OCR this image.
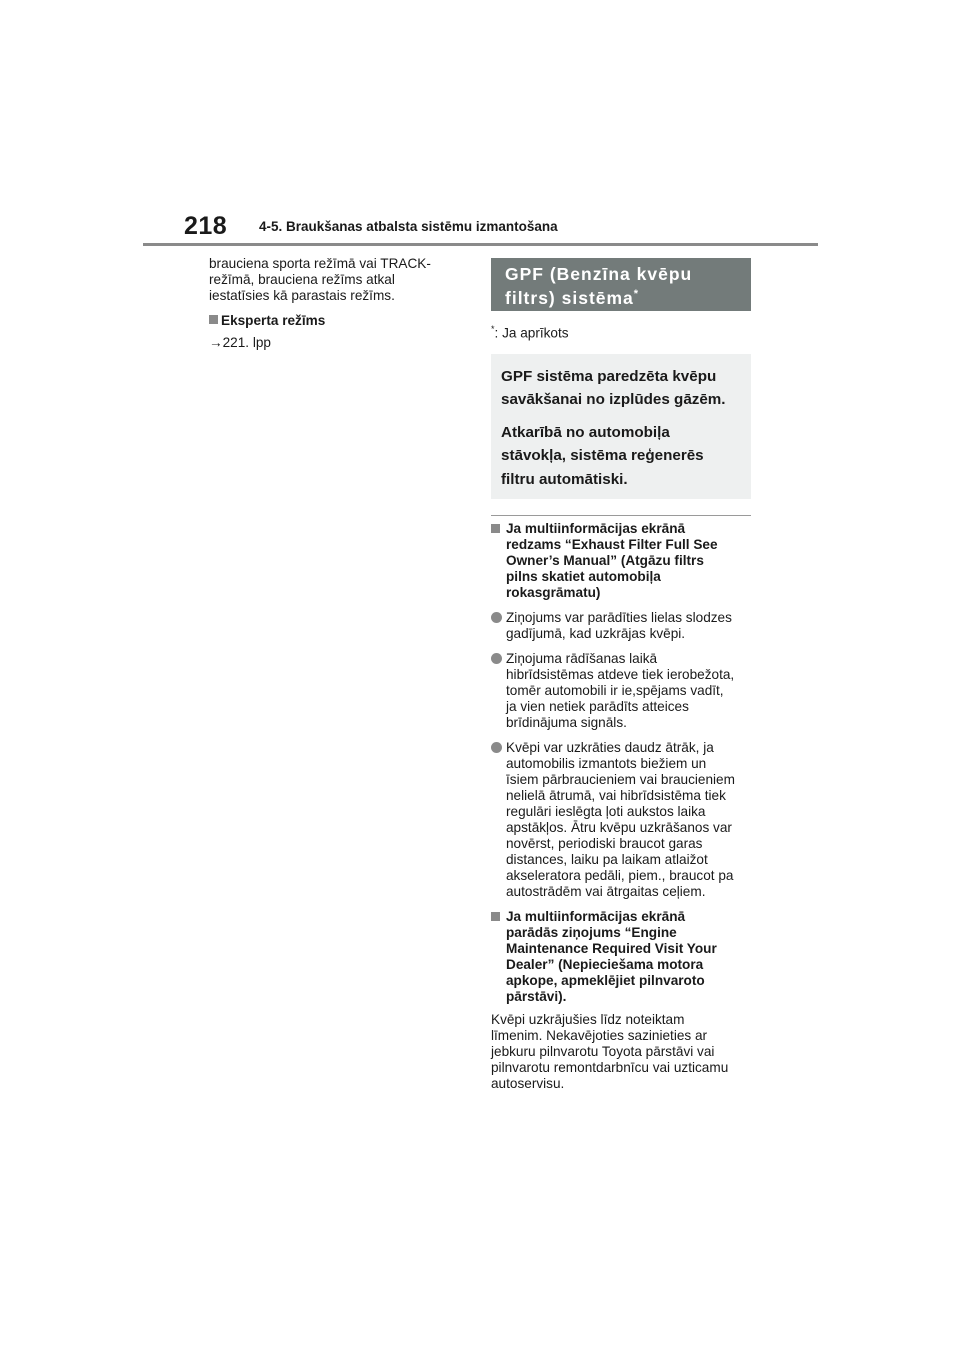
218 4-5. Braukšanas atbalsta sistēmu izmantošana

brauciena sporta režīmā vai TRACK-
režīmā, brauciena režīms atkal
iestatīsies kā parastais režīms.

Eksperta režīms

→221. lpp

GPF (Benzīna kvēpu
filtrs) sistēma*

*: Ja aprīkots

GPF sistēma paredzēta kvēpu
savākšanai no izplūdes gāzēm.

Atkarībā no automobiļa
stāvokļa, sistēma reģenerēs
filtru automātiski.

Ja multiinformācijas ekrānā
redzams “Exhaust Filter Full See
Owner’s Manual” (Atgāzu filtrs
pilns skatiet automobiļa
rokasgrāmatu)

Ziņojums var parādīties lielas slodzes
gadījumā, kad uzkrājas kvēpi.

Ziņojuma rādīšanas laikā
hibrīdsistēmas atdeve tiek ierobežota,
tomēr automobili ir ie,spējams vadīt,
ja vien netiek parādīts atteices
brīdinājuma signāls.

Kvēpi var uzkrāties daudz ātrāk, ja
automobilis izmantots biežiem un
īsiem pārbraucieniem vai braucieniem
nelielā ātrumā, vai hibrīdsistēma tiek
regulāri ieslēgta ļoti aukstos laika
apstākļos. Ātru kvēpu uzkrāšanos var
novērst, periodiski braucot garas
distances, laiku pa laikam atlaižot
akseleratora pedāli, piem., braucot pa
autostrādēm vai ātrgaitas ceļiem.

Ja multiinformācijas ekrānā
parādās ziņojums “Engine
Maintenance Required Visit Your
Dealer” (Nepieciešama motora
apkope, apmeklējiet pilnvaroto
pārstāvi).

Kvēpi uzkrājušies līdz noteiktam
līmenim. Nekavējoties sazinieties ar
jebkuru pilnvarotu Toyota pārstāvi vai
pilnvarotu remontdarbnīcu vai uzticamu
autoservisu.
